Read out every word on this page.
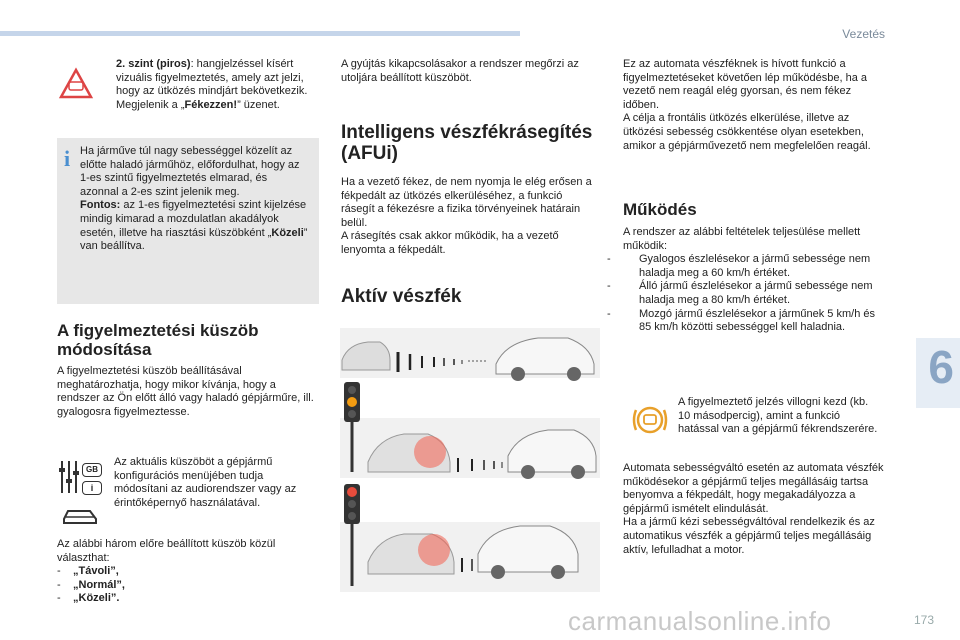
Vezetés
6

2. szint (piros): hangjelzéssel kísért vizuális figyelmeztetés, amely azt jelzi, hogy az ütközés mindjárt bekövetkezik.

Megjelenik a „Fékezzen!” üzenet.

i Ha járműve túl nagy sebességgel közelít az előtte haladó járműhöz, előfordulhat, hogy az 1-es szintű figyelmeztetés elmarad, és azonnal a 2-es szint jelenik meg.

Fontos: az 1-es figyelmeztetési szint kijelzése mindig kimarad a mozdulatlan akadályok esetén, illetve ha riasztási küszöbként „Közeli” van beállítva.

A figyelmeztetési küszöb módosítása
A figyelmeztetési küszöb beállításával meghatározhatja, hogy mikor kívánja, hogy a rendszer az Ön előtt álló vagy haladó gépjárműre, ill. gyalogosra figyelmeztesse.
GB
i
Az aktuális küszöböt a gépjármű konfigurációs menüjében tudja módosítani az audiorendszer vagy az érintőképernyő használatával.

Az alábbi három előre beállított küszöb közül választhat:

- „Távoli”,

- „Normál”,

- „Közeli”.

A gyújtás kikapcsolásakor a rendszer megőrzi az utoljára beállított küszöböt.
Intelligens vészfékrásegítés (AFUi)
Ha a vezető fékez, de nem nyomja le elég erősen a fékpedált az ütközés elkerüléséhez, a funkció rásegít a fékezésre a fizika törvényeinek határain belül.
A rásegítés csak akkor működik, ha a vezető lenyomta a fékpedált.
Aktív vészfék
Ez az automata vészféknek is hívott funkció a figyelmeztetéseket követően lép működésbe, ha a vezető nem reagál elég gyorsan, és nem fékez időben.
A célja a frontális ütközés elkerülése, illetve az ütközési sebesség csökkentése olyan esetekben, amikor a gépjárművezető nem megfelelően reagál.
Működés

A rendszer az alábbi feltételek teljesülése mellett működik:

-	Gyalogos észlelésekor a jármű sebessége nem haladja meg a 60 km/h értéket.

-	Álló jármű észlelésekor a jármű sebessége nem haladja meg a 80 km/h értéket.

-	Mozgó jármű észlelésekor a járműnek 5 km/h és 85 km/h közötti sebességgel kell haladnia.

A figyelmeztető jelzés villogni kezd (kb. 10 másodpercig), amint a funkció hatással van a gépjármű fékrendszerére.
Automata sebességváltó esetén az automata vészfék működésekor a gépjármű teljes megállásáig tartsa benyomva a fékpedált, hogy megakadályozza a gépjármű ismételt elindulását.
Ha a jármű kézi sebességváltóval rendelkezik és az automatikus vészfék a gépjármű teljes megállásáig aktív, lefulladhat a motor.
carmanualsonline.info	173
